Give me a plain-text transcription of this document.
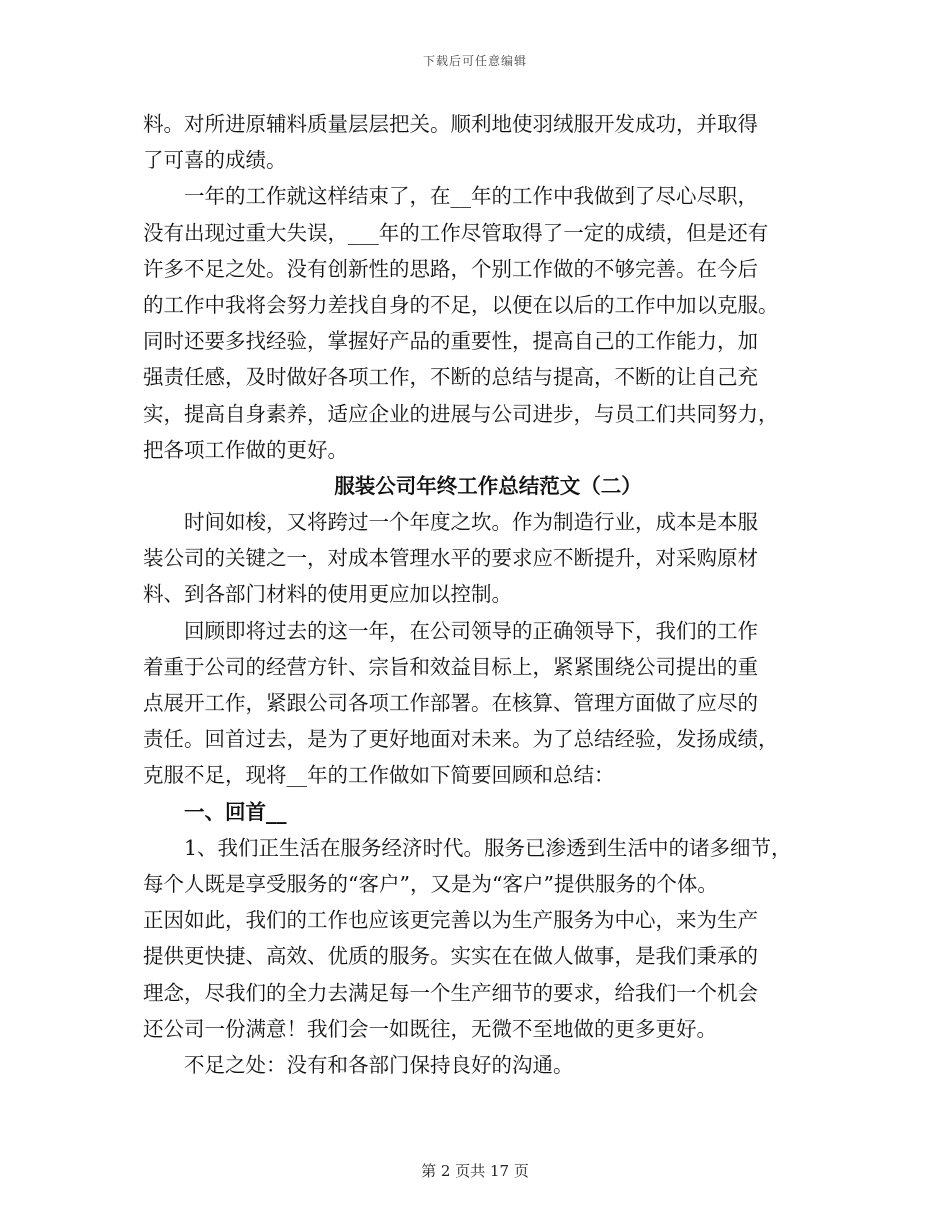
下载后可任意编辑
料。对所进原辅料质量层层把关。顺利地使羽绒服开发成功，并取得
了可喜的成绩。
一年的工作就这样结束了，在__年的工作中我做到了尽心尽职，
没有出现过重大失误，___年的工作尽管取得了一定的成绩，但是还有
许多不足之处。没有创新性的思路，个别工作做的不够完善。在今后
的工作中我将会努力差找自身的不足，以便在以后的工作中加以克服。
同时还要多找经验，掌握好产品的重要性，提高自己的工作能力，加
强责任感，及时做好各项工作，不断的总结与提高，不断的让自己充
实，提高自身素养，适应企业的进展与公司进步，与员工们共同努力，
把各项工作做的更好。
服装公司年终工作总结范文（二）
时间如梭，又将跨过一个年度之坎。作为制造行业，成本是本服
装公司的关键之一，对成本管理水平的要求应不断提升，对采购原材
料、到各部门材料的使用更应加以控制。
回顾即将过去的这一年，在公司领导的正确领导下，我们的工作
着重于公司的经营方针、宗旨和效益目标上，紧紧围绕公司提出的重
点展开工作，紧跟公司各项工作部署。在核算、管理方面做了应尽的
责任。回首过去，是为了更好地面对未来。为了总结经验，发扬成绩，
克服不足，现将__年的工作做如下简要回顾和总结：
一、回首__
1、我们正生活在服务经济时代。服务已渗透到生活中的诸多细节，
每个人既是享受服务的“客户”，又是为“客户”提供服务的个体。
正因如此，我们的工作也应该更完善以为生产服务为中心，来为生产
提供更快捷、高效、优质的服务。实实在在做人做事，是我们秉承的
理念，尽我们的全力去满足每一个生产细节的要求，给我们一个机会
还公司一份满意！我们会一如既往，无微不至地做的更多更好。
不足之处：没有和各部门保持良好的沟通。
第 2 页共 17 页
